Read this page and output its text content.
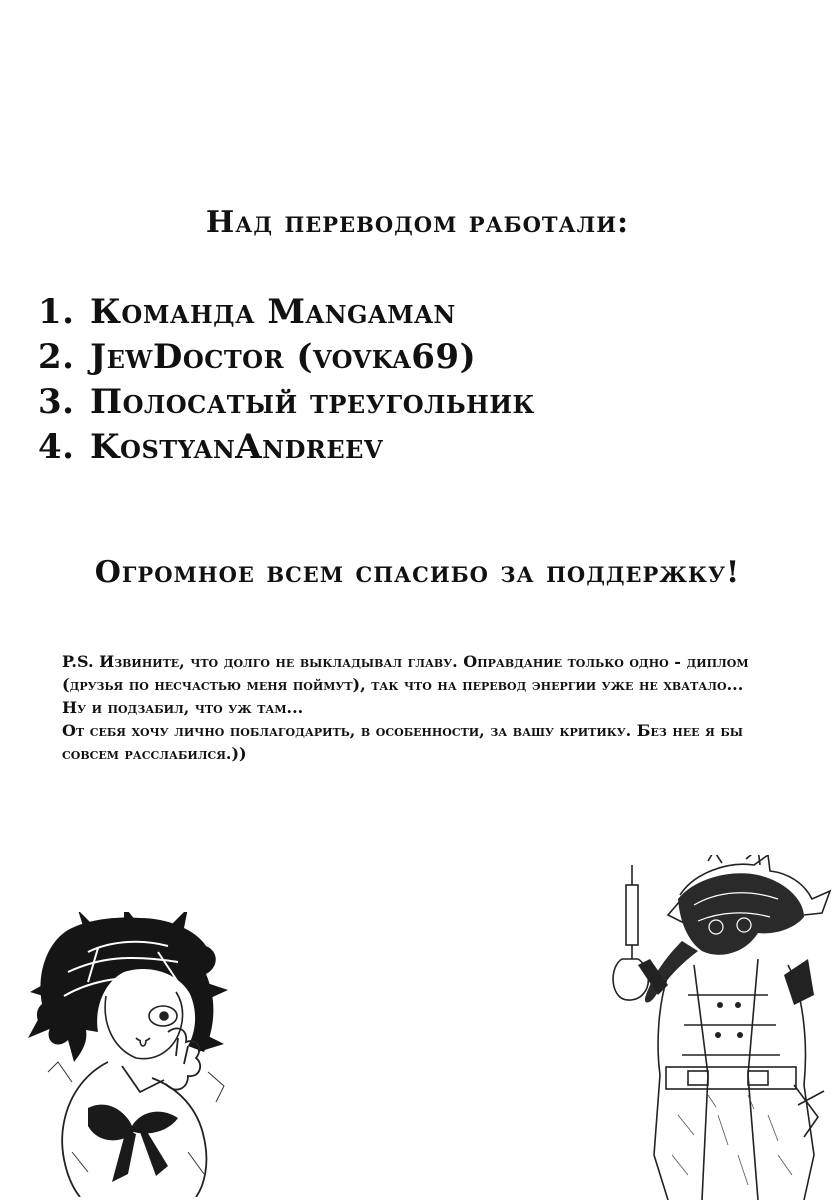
Над переводом работали:
1. Команда Mangaman
2. JewDoctor (vovka69)
3. Полосатый треугольник
4. KostyanAndreev
Огромное всем спасибо за поддержку!

P.S. Извините, что долго не выкладывал главу. Оправдание только одно - диплом (друзья по несчастью меня поймут), так что на перевод энергии уже не хватало...

Ну и подзабил, что уж там...

От себя хочу лично поблагодарить, в особенности, за вашу критику. Без нее я бы совсем расслабился.))
